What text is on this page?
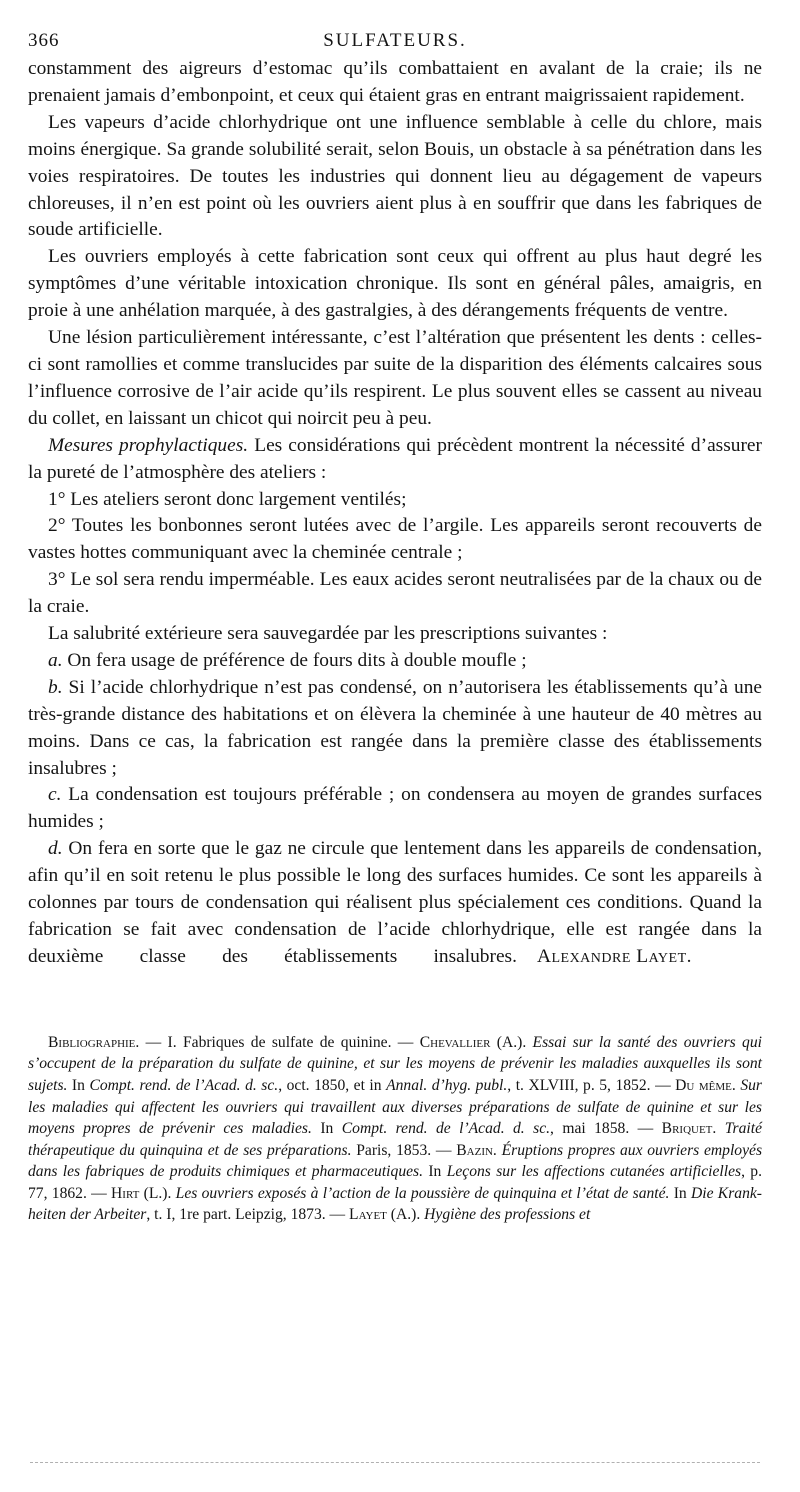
366	SULFATEURS.

constamment des aigreurs d’estomac qu’ils combattaient en avalant de la craie; ils ne prenaient jamais d’embonpoint, et ceux qui étaient gras en entrant maigrissaient rapidement.

Les vapeurs d’acide chlorhydrique ont une influence semblable à celle du chlore, mais moins énergique. Sa grande solubilité serait, selon Bouis, un obstacle à sa pénétration dans les voies respiratoires. De toutes les industries qui donnent lieu au dégagement de vapeurs chloreuses, il n’en est point où les ouvriers aient plus à en souffrir que dans les fabriques de soude artificielle.

Les ouvriers employés à cette fabrication sont ceux qui offrent au plus haut degré les symptômes d’une véritable intoxication chronique. Ils sont en général pâles, amaigris, en proie à une anhélation marquée, à des gastralgies, à des dérangements fréquents de ventre.

Une lésion particulièrement intéressante, c’est l’altération que présentent les dents : celles-ci sont ramollies et comme translucides par suite de la disparition des éléments calcaires sous l’influence corrosive de l’air acide qu’ils respirent. Le plus souvent elles se cassent au niveau du collet, en laissant un chicot qui noircit peu à peu.

Mesures prophylactiques. Les considérations qui précèdent montrent la nécessité d’assurer la pureté de l’atmosphère des ateliers :

1° Les ateliers seront donc largement ventilés;

2° Toutes les bonbonnes seront lutées avec de l’argile. Les appareils seront recouverts de vastes hottes communiquant avec la cheminée centrale ;

3° Le sol sera rendu imperméable. Les eaux acides seront neutralisées par de la chaux ou de la craie.

La salubrité extérieure sera sauvegardée par les prescriptions suivantes :

a. On fera usage de préférence de fours dits à double moufle ;

b. Si l’acide chlorhydrique n’est pas condensé, on n’autorisera les établissements qu’à une très-grande distance des habitations et on élèvera la cheminée à une hauteur de 40 mètres au moins. Dans ce cas, la fabrication est rangée dans la première classe des établissements insalubres ;

c. La condensation est toujours préférable ; on condensera au moyen de grandes surfaces humides ;

d. On fera en sorte que le gaz ne circule que lentement dans les appareils de condensation, afin qu’il en soit retenu le plus possible le long des surfaces humides. Ce sont les appareils à colonnes par tours de condensation qui réalisent plus spécialement ces conditions. Quand la fabrication se fait avec condensation de l’acide chlorhydrique, elle est rangée dans la deuxième classe des établissements insalubres.	Alexandre Layet.

Bibliographie. — I. Fabriques de sulfate de quinine. — Chevallier (A.). Essai sur la santé des ouvriers qui s’occupent de la préparation du sulfate de quinine, et sur les moyens de prévenir les maladies auxquelles ils sont sujets. In Compt. rend. de l’Acad. d. sc., oct. 1850, et in Annal. d’hyg. publ., t. XLVIII, p. 5, 1852. — Du même. Sur les maladies qui affectent les ouvriers qui travaillent aux diverses préparations de sulfate de quinine et sur les moyens propres de prévenir ces maladies. In Compt. rend. de l’Acad. d. sc., mai 1858. — Briquet. Traité thérapeutique du quinquina et de ses préparations. Paris, 1853. — Bazin. Éruptions propres aux ouvriers employés dans les fabriques de produits chimiques et pharmaceutiques. In Leçons sur les affections cutanées artificielles, p. 77, 1862. — Hirt (L.). Les ouvriers exposés à l’action de la poussière de quinquina et l’état de santé. In Die Krankheiten der Arbeiter, t. I, 1re part. Leipzig, 1873. — Layet (A.). Hygiène des professions et
